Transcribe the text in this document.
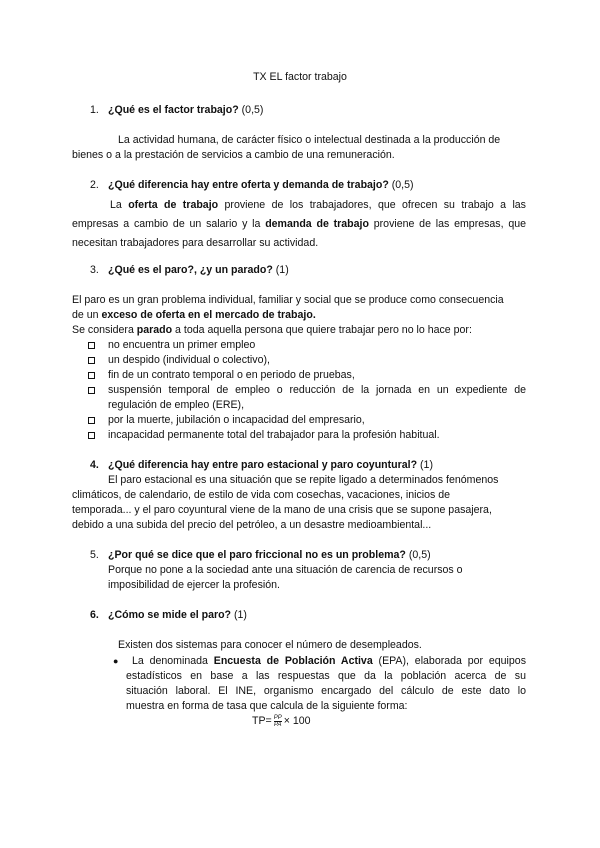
TX EL factor trabajo
1. ¿Qué es el factor trabajo? (0,5)
La actividad humana, de carácter físico o intelectual destinada a la producción de
bienes o a la prestación de servicios a cambio de una remuneración.
2. ¿Qué diferencia hay entre oferta y demanda de trabajo? (0,5)
La oferta de trabajo proviene de los trabajadores, que ofrecen su trabajo a las
empresas a cambio de un salario y la demanda de trabajo proviene de las empresas, que
necesitan trabajadores para desarrollar su actividad.
3. ¿Qué es el paro?, ¿y un parado? (1)
El paro es un gran problema individual, familiar y social que se produce como consecuencia
de un exceso de oferta en el mercado de trabajo.
Se considera parado a toda aquella persona que quiere trabajar pero no lo hace por:
no encuentra un primer empleo
un despido (individual o colectivo),
fin de un contrato temporal o en periodo de pruebas,
suspensión temporal de empleo o reducción de la jornada en un expediente de
regulación de empleo (ERE),
por la muerte, jubilación o incapacidad del empresario,
incapacidad permanente total del trabajador para la profesión habitual.
4. ¿Qué diferencia hay entre paro estacional y paro coyuntural? (1)
El paro estacional es una situación que se repite ligado a determinados fenómenos
climáticos, de calendario, de estilo de vida com cosechas, vacaciones, inicios de
temporada... y el paro coyuntural viene de la mano de una crisis que se supone pasajera,
debido a una subida del precio del petróleo, a un desastre medioambiental...
5. ¿Por qué se dice que el paro friccional no es un problema? (0,5)
Porque no pone a la sociedad ante una situación de carencia de recursos o
imposibilidad de ejercer la profesión.
6. ¿Cómo se mide el paro? (1)
Existen dos sistemas para conocer el número de desempleados.
● La denominada Encuesta de Población Activa (EPA), elaborada por equipos
estadísticos en base a las respuestas que da la población acerca de su
situación laboral. El INE, organismo encargado del cálculo de este dato lo
muestra en forma de tasa que calcula de la siguiente forma:
$TP= \frac{PP}{PA} \times 100$
